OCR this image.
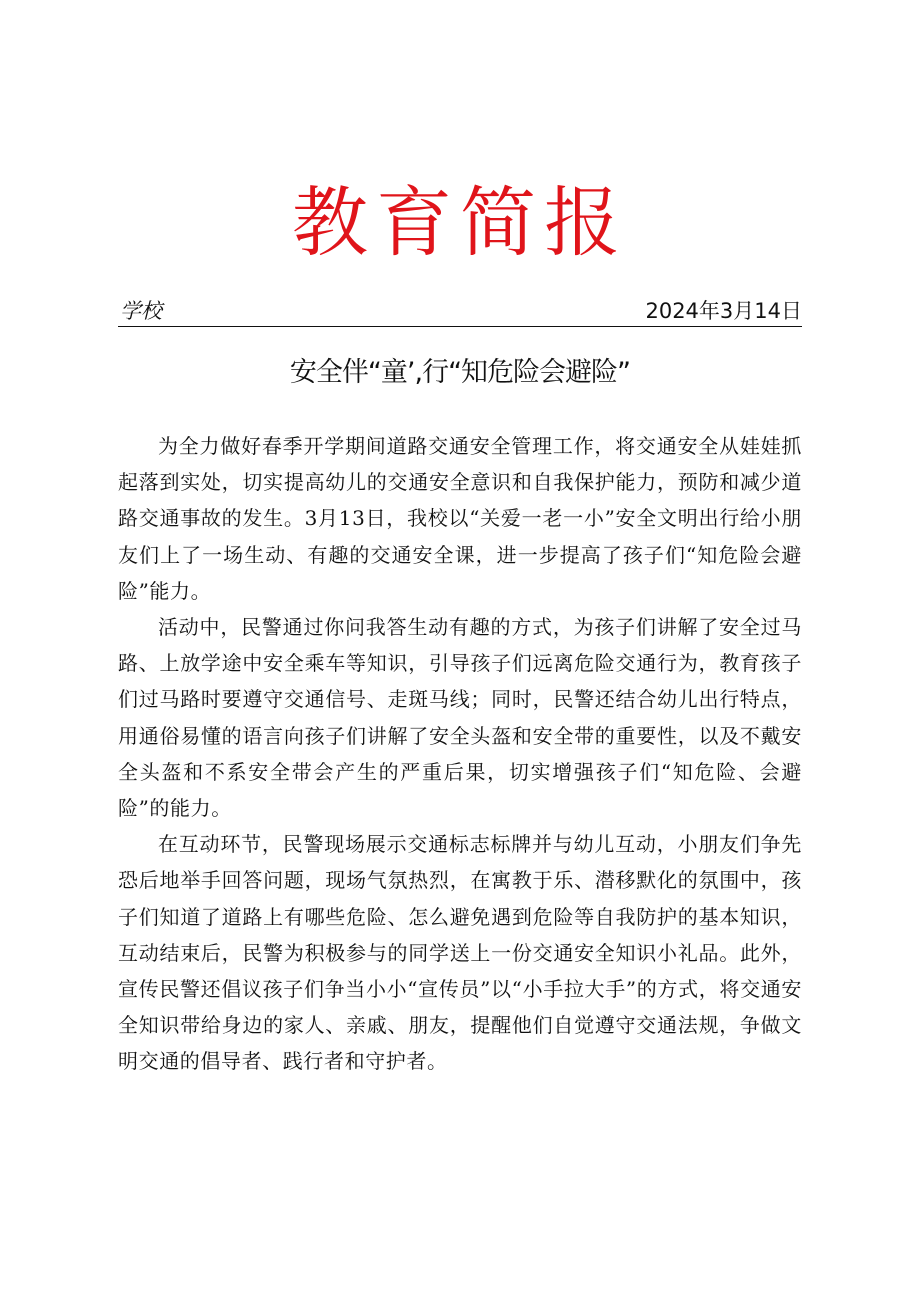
教育简报
学校	2024年3月14日
安全伴“童’,行“知危险会避险”

为全力做好春季开学期间道路交通安全管理工作，将交通安全从娃娃抓起落到实处，切实提高幼儿的交通安全意识和自我保护能力，预防和减少道路交通事故的发生。3月13日，我校以“关爱一老一小”安全文明出行给小朋友们上了一场生动、有趣的交通安全课，进一步提高了孩子们“知危险会避险”能力。

活动中，民警通过你问我答生动有趣的方式，为孩子们讲解了安全过马路、上放学途中安全乘车等知识，引导孩子们远离危险交通行为，教育孩子们过马路时要遵守交通信号、走斑马线；同时，民警还结合幼儿出行特点，用通俗易懂的语言向孩子们讲解了安全头盔和安全带的重要性，以及不戴安全头盔和不系安全带会产生的严重后果，切实增强孩子们“知危险、会避险”的能力。

在互动环节，民警现场展示交通标志标牌并与幼儿互动，小朋友们争先恐后地举手回答问题，现场气氛热烈，在寓教于乐、潜移默化的氛围中，孩子们知道了道路上有哪些危险、怎么避免遇到危险等自我防护的基本知识，互动结束后，民警为积极参与的同学送上一份交通安全知识小礼品。此外，宣传民警还倡议孩子们争当小小“宣传员”以“小手拉大手”的方式，将交通安全知识带给身边的家人、亲戚、朋友，提醒他们自觉遵守交通法规，争做文明交通的倡导者、践行者和守护者。
